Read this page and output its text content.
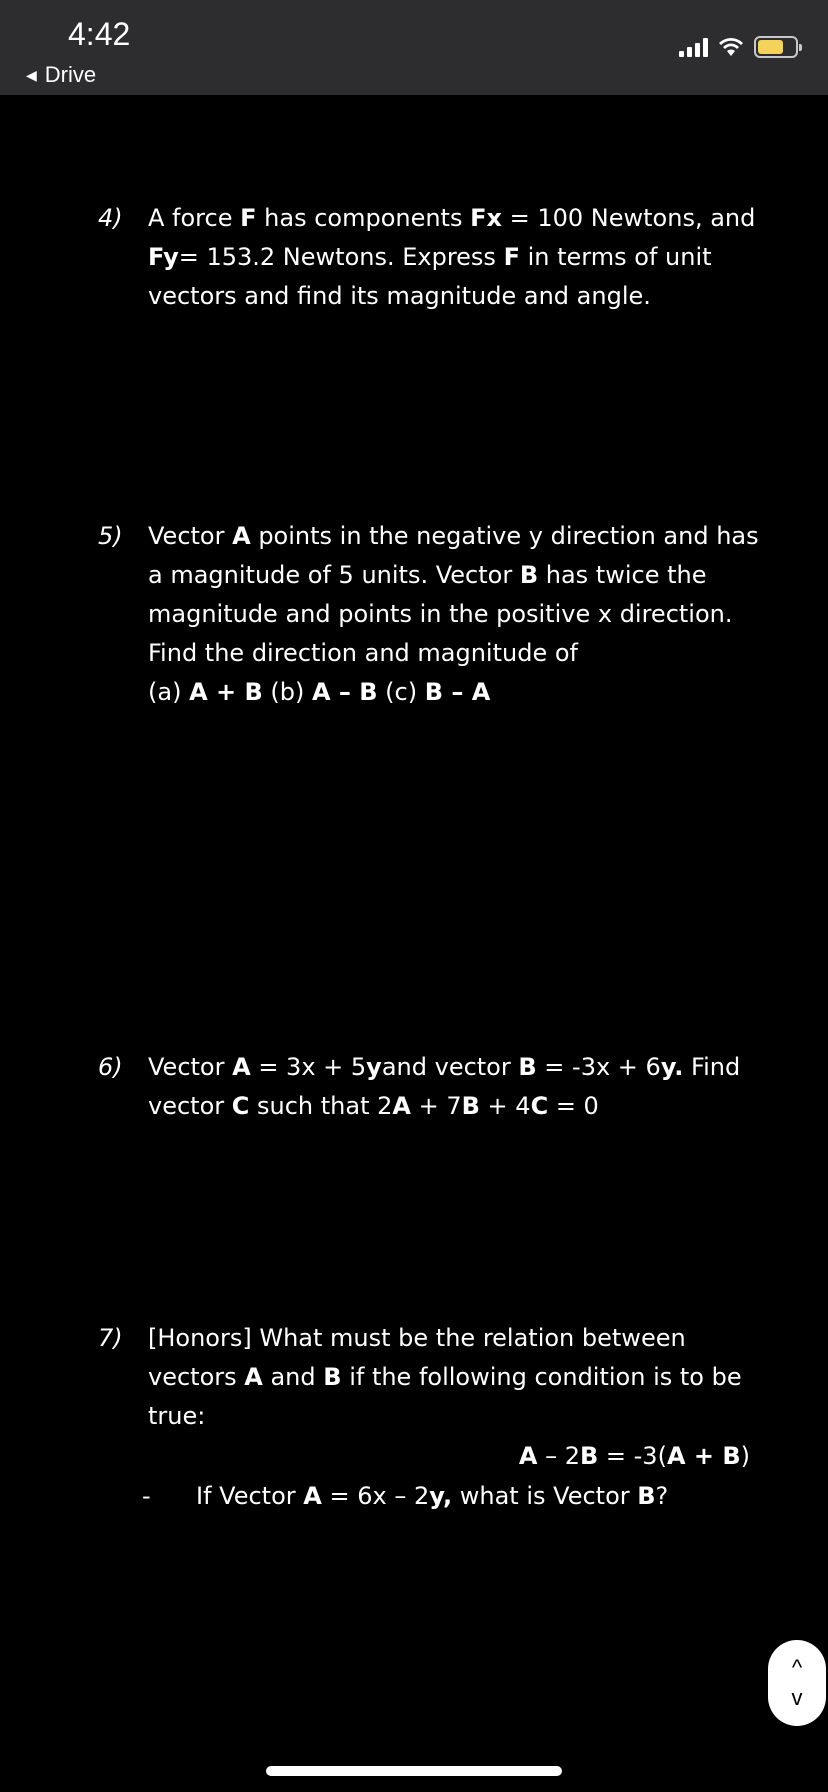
4:42
◀ Drive
4) A force F has components Fx = 100 Newtons, and
Fy= 153.2 Newtons. Express F in terms of unit
vectors and find its magnitude and angle.
5) Vector A points in the negative y direction and has
a magnitude of 5 units. Vector B has twice the
magnitude and points in the positive x direction.
Find the direction and magnitude of
(a) A + B (b) A – B (c) B – A
6) Vector A = 3x + 5yand vector B = -3x + 6y. Find
vector C such that 2A + 7B + 4C = 0
7) [Honors] What must be the relation between
vectors A and B if the following condition is to be
true:
A – 2B = -3(A + B)
- If Vector A = 6x – 2y, what is Vector B?
^
v
